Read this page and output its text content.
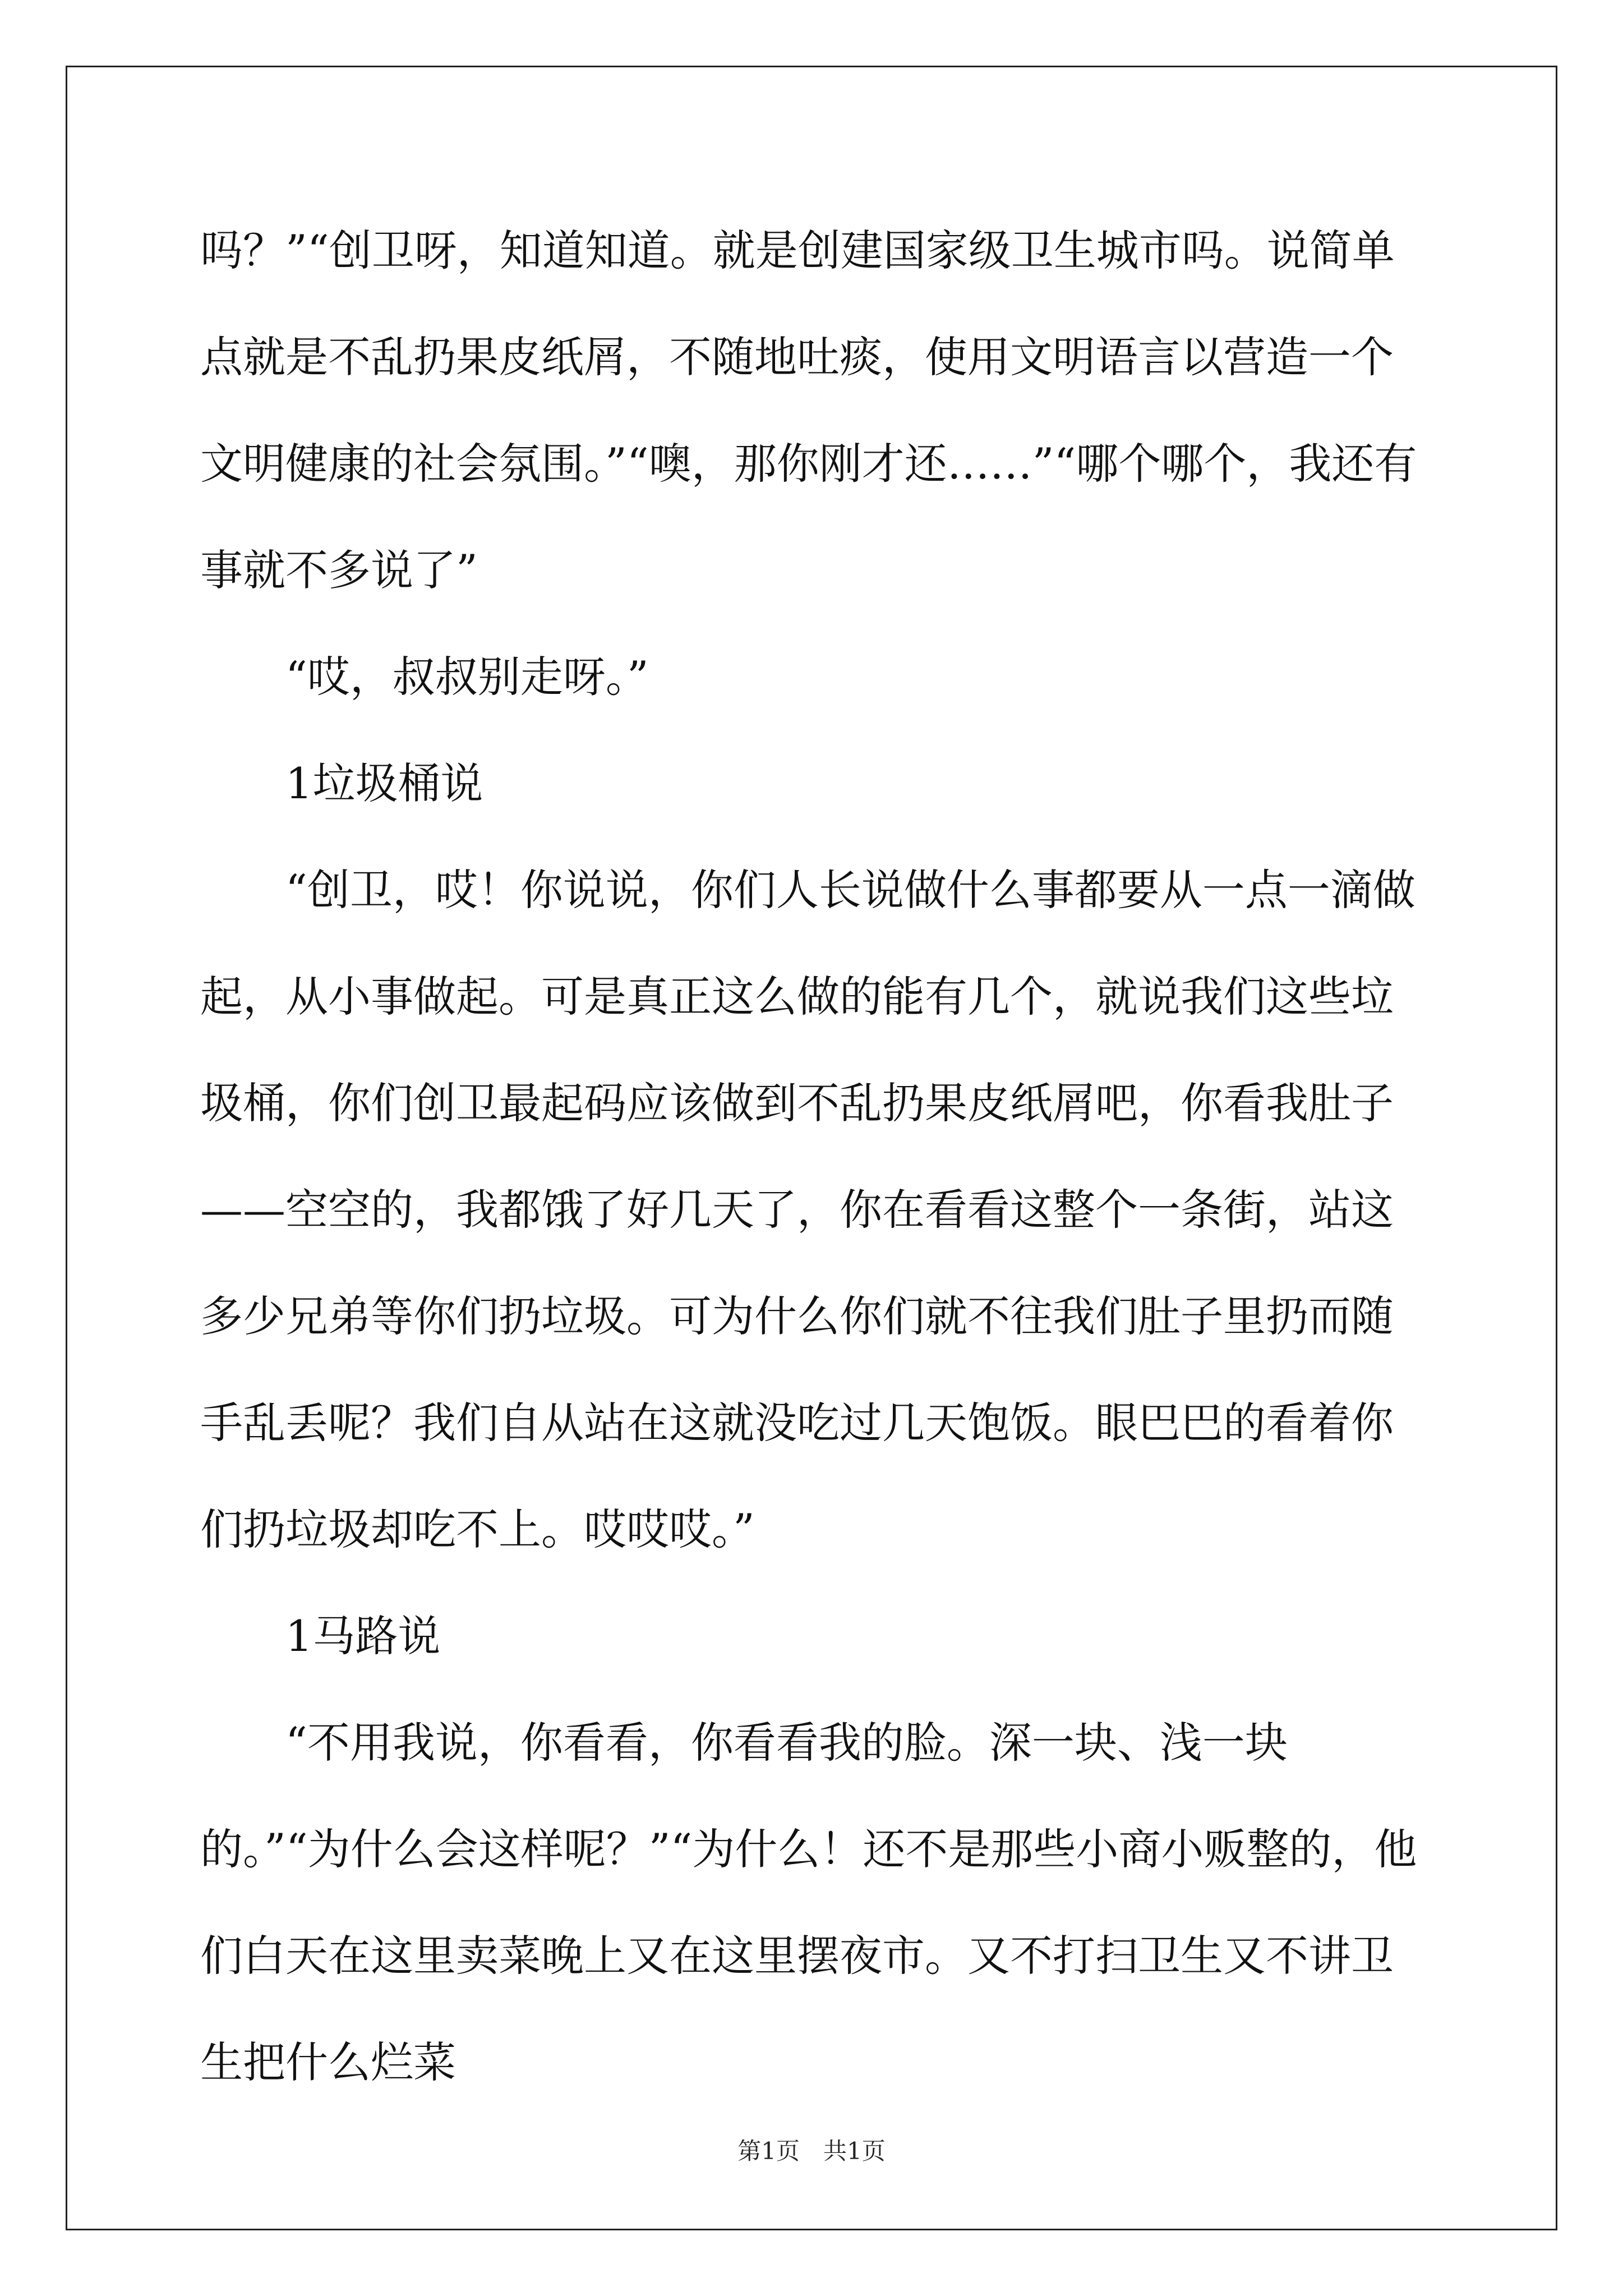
吗？”“创卫呀，知道知道。就是创建国家级卫生城市吗。说简单点就是不乱扔果皮纸屑，不随地吐痰，使用文明语言以营造一个文明健康的社会氛围。”“噢，那你刚才还……”“哪个哪个，我还有事就不多说了”

“哎，叔叔别走呀。”

1垃圾桶说

“创卫，哎！你说说，你们人长说做什么事都要从一点一滴做起，从小事做起。可是真正这么做的能有几个，就说我们这些垃圾桶，你们创卫最起码应该做到不乱扔果皮纸屑吧，你看我肚子——空空的，我都饿了好几天了，你在看看这整个一条街，站这多少兄弟等你们扔垃圾。可为什么你们就不往我们肚子里扔而随手乱丢呢？我们自从站在这就没吃过几天饱饭。眼巴巴的看着你们扔垃圾却吃不上。哎哎哎。”

1马路说

“不用我说，你看看，你看看我的脸。深一块、浅一块的。”“为什么会这样呢？”“为什么！还不是那些小商小贩整的，他们白天在这里卖菜晚上又在这里摆夜市。又不打扫卫生又不讲卫生把什么烂菜

第1页　共1页
